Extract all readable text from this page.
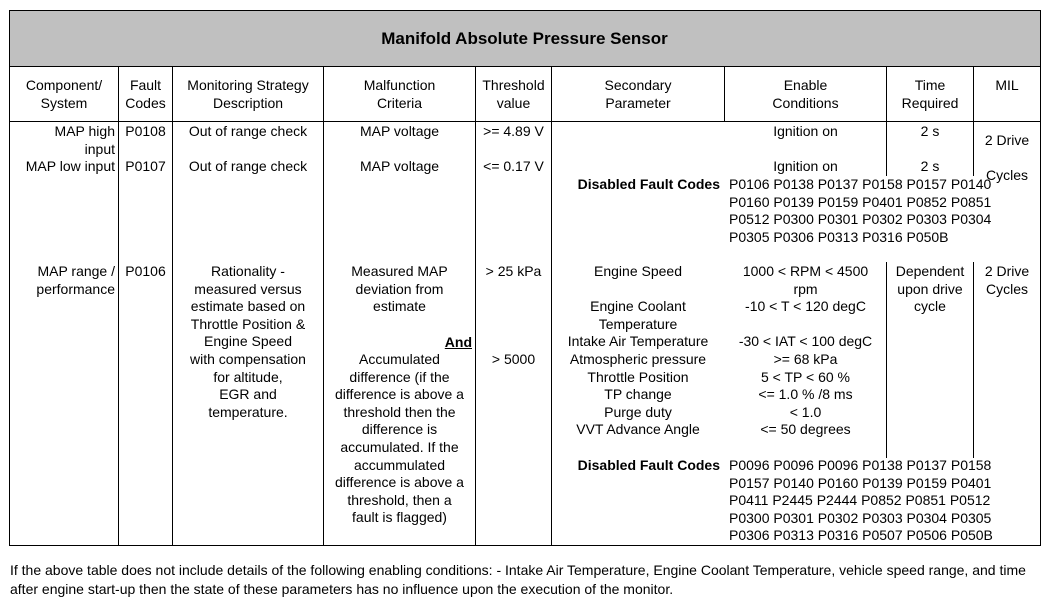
Manifold Absolute Pressure Sensor
Component/
System
Fault
Codes
Monitoring Strategy
Description
Malfunction
Criteria
Threshold
value
Secondary
Parameter
Enable
Conditions
Time
Required
MIL
MAP high
input
MAP low input
P0108
P0107
Out of range check
Out of range check
MAP voltage
MAP voltage
>= 4.89 V
<= 0.17 V
Ignition on
Ignition on
2 s
2 s
2 Drive
Cycles
Disabled Fault Codes P0106 P0138 P0137 P0158 P0157 P0140
P0160 P0139 P0159 P0401 P0852 P0851
P0512 P0300 P0301 P0302 P0303 P0304
P0305 P0306 P0313 P0316 P050B
MAP range /
performance
P0106	Rationality -
measured versus
estimate based on
Throttle Position &
Engine Speed
with compensation
for altitude,
EGR and
temperature.
Measured MAP
deviation from
estimate
And
Accumulated
difference (if the
difference is above a
threshold then the
difference is
accumulated. If the
accummulated
difference is above a
threshold, then a
fault is flagged)
> 25 kPa
> 5000
Engine Speed
Engine Coolant
Temperature
Intake Air Temperature
Atmospheric pressure
Throttle Position
TP change
Purge duty
VVT Advance Angle
1000 < RPM < 4500
rpm
-10 < T < 120 degC
-30 < IAT < 100 degC
>= 68 kPa
5 < TP < 60 %
<= 1.0 % /8 ms
< 1.0
<= 50 degrees
Dependent
upon drive
cycle
2 Drive
Cycles
Disabled Fault Codes P0096 P0096 P0096 P0138 P0137 P0158
P0157 P0140 P0160 P0139 P0159 P0401
P0411 P2445 P2444 P0852 P0851 P0512
P0300 P0301 P0302 P0303 P0304 P0305
P0306 P0313 P0316 P0507 P0506 P050B
If the above table does not include details of the following enabling conditions: - Intake Air Temperature, Engine Coolant Temperature, vehicle speed range, and time after engine start-up then the state of these parameters has no influence upon the execution of the monitor.
